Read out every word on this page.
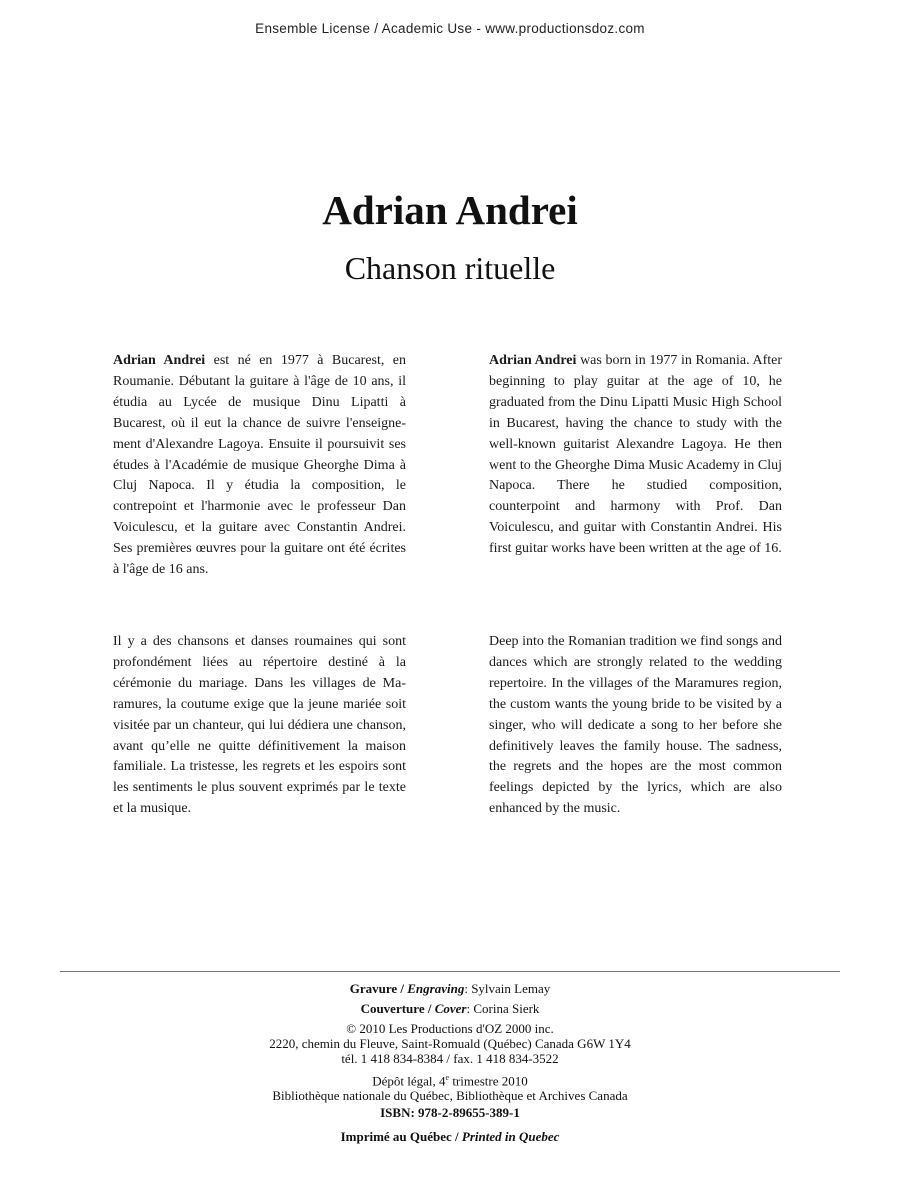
Ensemble License / Academic Use - www.productionsdoz.com
Adrian Andrei
Chanson rituelle
Adrian Andrei est né en 1977 à Bucarest, en Roumanie. Débutant la guitare à l'âge de 10 ans, il étudia au Lycée de musique Dinu Lipatti à Bucarest, où il eut la chance de suivre l'enseignement d'Alexandre Lagoya. Ensuite il poursuivit ses études à l'Académie de musique Gheorghe Dima à Cluj Napoca. Il y étudia la composition, le contrepoint et l'harmonie avec le professeur Dan Voiculescu, et la guitare avec Constantin Andrei. Ses premières œuvres pour la guitare ont été écrites à l'âge de 16 ans.
Adrian Andrei was born in 1977 in Romania. After beginning to play guitar at the age of 10, he graduated from the Dinu Lipatti Music High School in Bucarest, having the chance to study with the well-known guitarist Alexandre Lagoya. He then went to the Gheorghe Dima Music Academy in Cluj Napoca. There he studied composition, counterpoint and harmony with Prof. Dan Voiculescu, and guitar with Constantin Andrei. His first guitar works have been written at the age of 16.
Il y a des chansons et danses roumaines qui sont profondément liées au répertoire destiné à la cérémonie du mariage. Dans les villages de Maramures, la coutume exige que la jeune mariée soit visitée par un chanteur, qui lui dédiera une chanson, avant qu’elle ne quitte définitivement la maison familiale. La tristesse, les regrets et les espoirs sont les sentiments le plus souvent exprimés par le texte et la musique.
Deep into the Romanian tradition we find songs and dances which are strongly related to the wedding repertoire. In the villages of the Maramures region, the custom wants the young bride to be visited by a singer, who will dedicate a song to her before she definitively leaves the family house. The sadness, the regrets and the hopes are the most common feelings depicted by the lyrics, which are also enhanced by the music.
Gravure / Engraving: Sylvain Lemay
Couverture / Cover: Corina Sierk
© 2010 Les Productions d'OZ 2000 inc.
2220, chemin du Fleuve, Saint-Romuald (Québec) Canada G6W 1Y4
tél. 1 418 834-8384 / fax. 1 418 834-3522
Dépôt légal, 4e trimestre 2010
Bibliothèque nationale du Québec, Bibliothèque et Archives Canada
ISBN: 978-2-89655-389-1
Imprimé au Québec / Printed in Quebec
